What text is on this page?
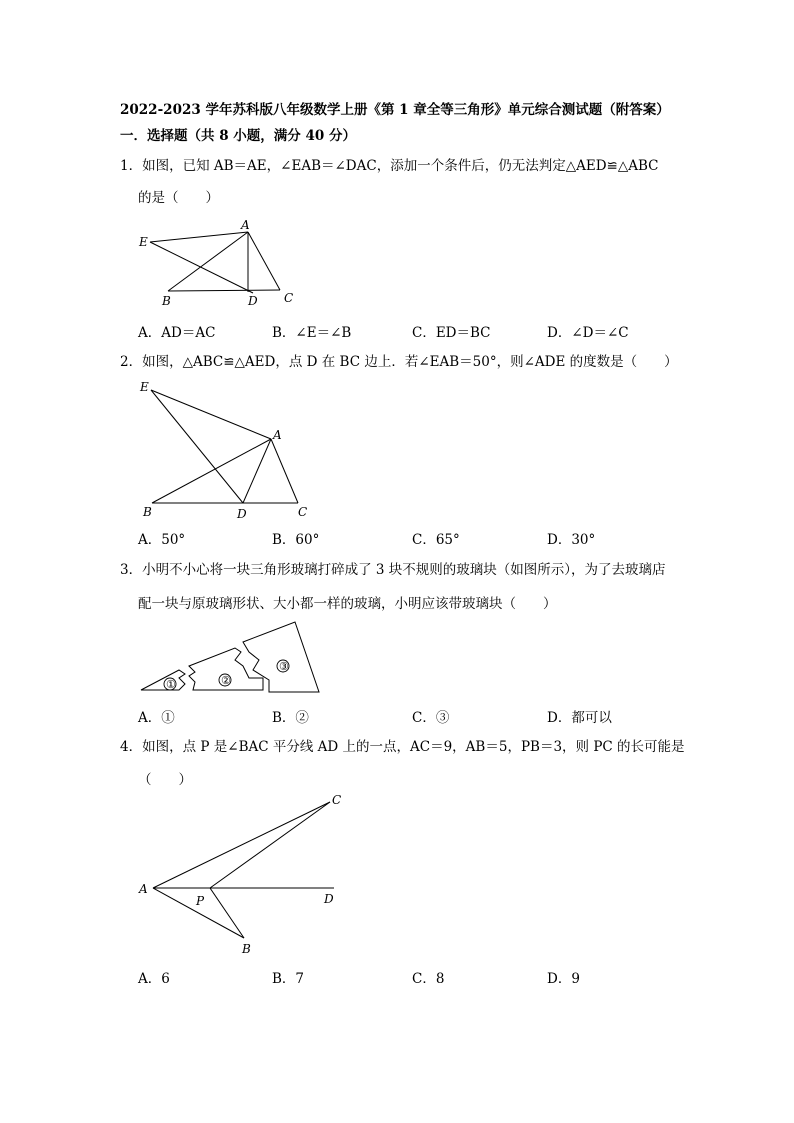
2022-2023 学年苏科版八年级数学上册《第 1 章全等三角形》单元综合测试题（附答案）
一．选择题（共 8 小题，满分 40 分）
1．如图，已知 AB＝AE，∠EAB＝∠DAC，添加一个条件后，仍无法判定△AED≌△ABC
的是（　　）
E
A
B	D C
A．AD＝AC	B．∠E＝∠B	C．ED＝BC	D．∠D＝∠C
2．如图，△ABC≌△AED，点 D 在 BC 边上．若∠EAB＝50°，则∠ADE 的度数是（　　）
E
A
B	D	C
A．50°	B．60°	C．65°	D．30°
3．小明不小心将一块三角形玻璃打碎成了 3 块不规则的玻璃块（如图所示），为了去玻璃店
配一块与原玻璃形状、大小都一样的玻璃，小明应该带玻璃块（　　）
①	②
③
A．①	B．②	C．③	D．都可以
4．如图，点 P 是∠BAC 平分线 AD 上的一点，AC＝9，AB＝5，PB＝3，则 PC 的长可能是
（　　）
C
A
P	D
B
A．6	B．7	C．8	D．9
